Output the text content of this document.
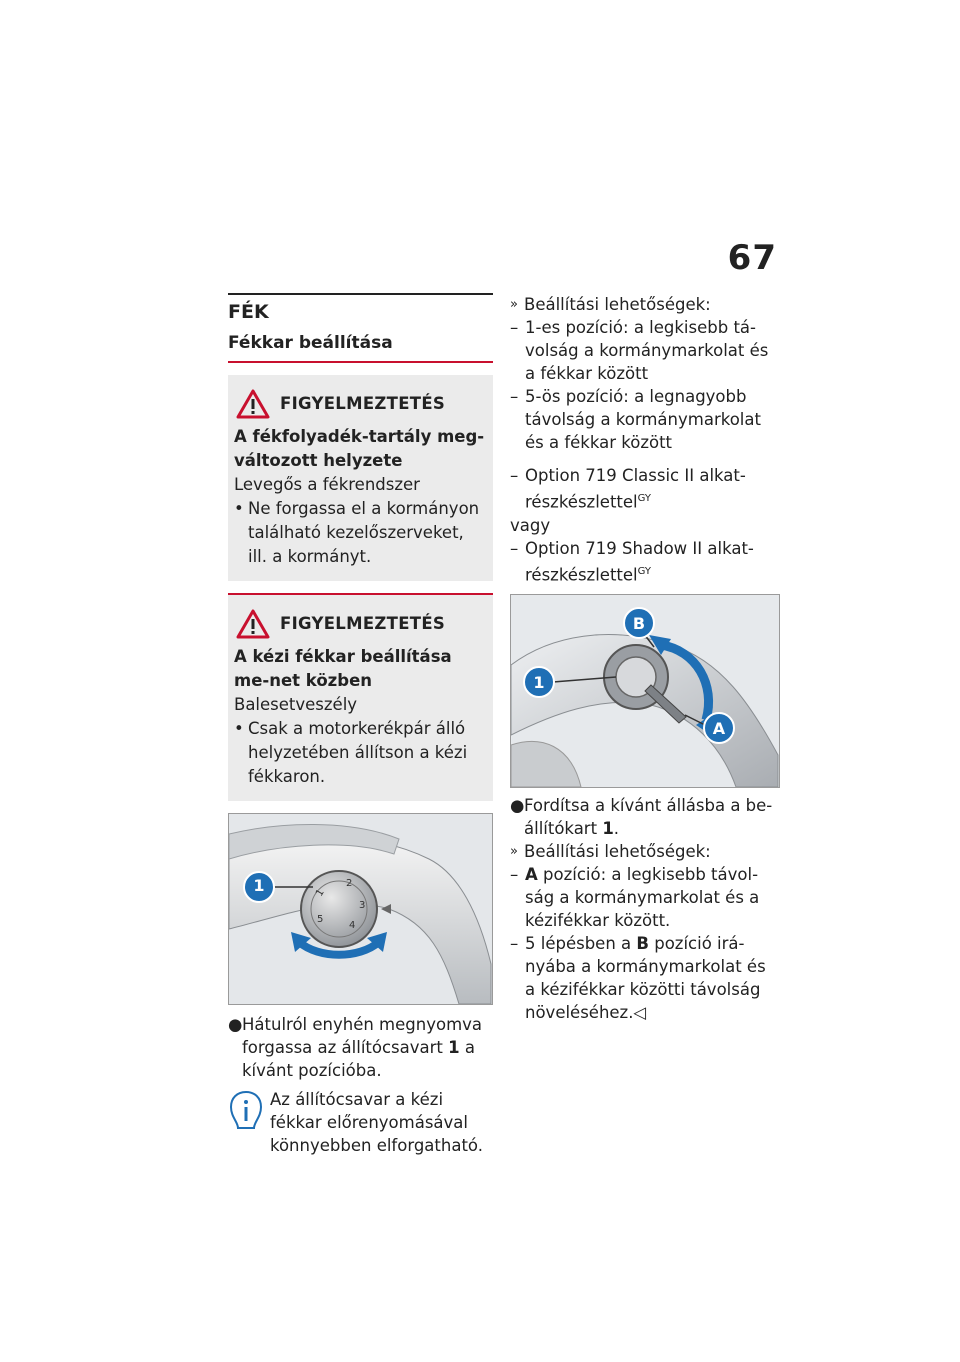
67
FÉK
Fékkar beállítása
FIGYELMEZTETÉS
A fékfolyadék-tartály meg-változott helyzete
Levegős a fékrendszer
• Ne forgassa el a kormányon található kezelőszerveket, ill. a kormányt.
FIGYELMEZTETÉS
A kézi fékkar beállítása me-net közben
Balesetveszély
• Csak a motorkerékpár álló helyzetében állítson a kézi fékkaron.
1
2
3
4
5
1
● Hátulról enyhén megnyomva forgassa az állítócsavart 1 a kívánt pozícióba.
Az állítócsavar a kézi fékkar előrenyomásával könnyebben elforgatható.
» Beállítási lehetőségek:
– 1-es pozíció: a legkisebb tá-volság a kormánymarkolat és a fékkar között
– 5-ös pozíció: a legnagyobb távolság a kormánymarkolat és a fékkar között
– Option 719 Classic II alkat-részkészlettel$^{GY}$
vagy
– Option 719 Shadow II alkat-részkészlettel$^{GY}$
1
B
A
● Fordítsa a kívánt állásba a be-állítókart 1.
» Beállítási lehetőségek:
– A pozíció: a legkisebb távol-ság a kormánymarkolat és a kézifékkar között.
– 5 lépésben a B pozíció irá-nyába a kormánymarkolat és a kézifékkar közötti távolság növeléséhez.◁
